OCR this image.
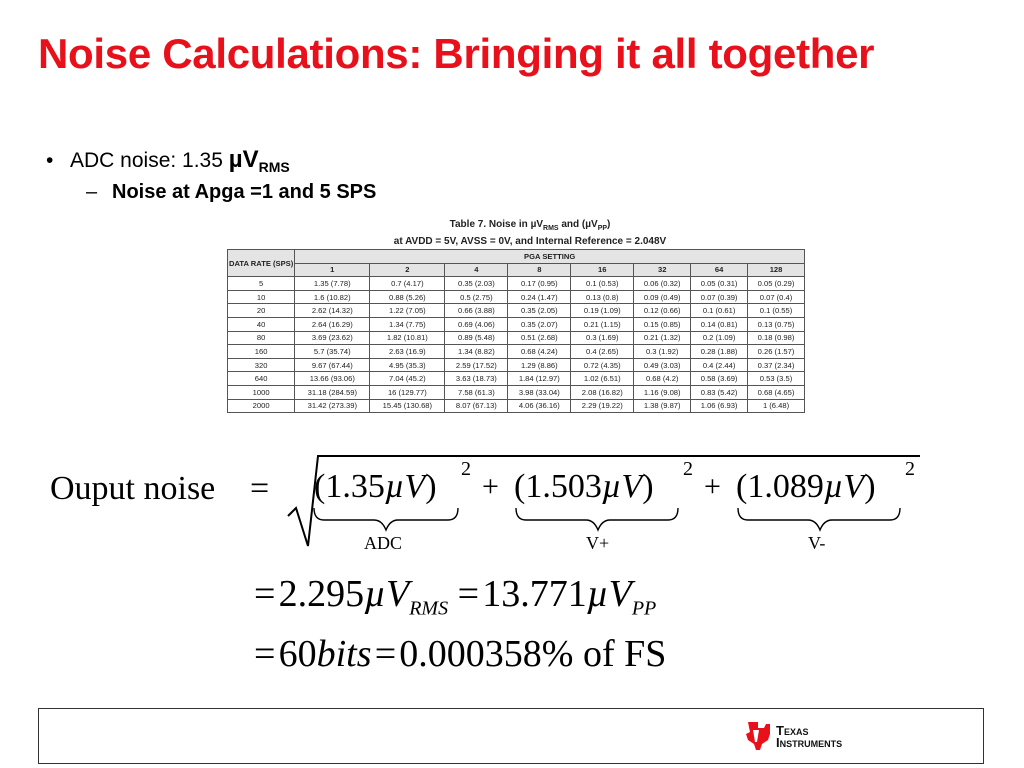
Noise Calculations: Bringing it all together
• ADC noise: 1.35 µV$_{RMS}$
– Noise at Apga =1 and 5 SPS
Table 7. Noise in µV$_{RMS}$ and (µV$_{PP}$)
at AVDD = 5V, AVSS = 0V, and Internal Reference = 2.048V
DATA RATE (SPS)	PGA SETTING							
	1	2	4	8	16	32	64	128
5	1.35 (7.78)	0.7 (4.17)	0.35 (2.03)	0.17 (0.95)	0.1 (0.53)	0.06 (0.32)	0.05 (0.31)	0.05 (0.29)
10	1.6 (10.82)	0.88 (5.26)	0.5 (2.75)	0.24 (1.47)	0.13 (0.8)	0.09 (0.49)	0.07 (0.39)	0.07 (0.4)
20	2.62 (14.32)	1.22 (7.05)	0.66 (3.88)	0.35 (2.05)	0.19 (1.09)	0.12 (0.66)	0.1 (0.61)	0.1 (0.55)
40	2.64 (16.29)	1.34 (7.75)	0.69 (4.06)	0.35 (2.07)	0.21 (1.15)	0.15 (0.85)	0.14 (0.81)	0.13 (0.75)
80	3.69 (23.62)	1.82 (10.81)	0.89 (5.48)	0.51 (2.68)	0.3 (1.69)	0.21 (1.32)	0.2 (1.09)	0.18 (0.98)
160	5.7 (35.74)	2.63 (16.9)	1.34 (8.82)	0.68 (4.24)	0.4 (2.65)	0.3 (1.92)	0.28 (1.88)	0.26 (1.57)
320	9.67 (67.44)	4.95 (35.3)	2.59 (17.52)	1.29 (8.86)	0.72 (4.35)	0.49 (3.03)	0.4 (2.44)	0.37 (2.34)
640	13.66 (93.06)	7.04 (45.2)	3.63 (18.73)	1.84 (12.97)	1.02 (6.51)	0.68 (4.2)	0.58 (3.69)	0.53 (3.5)
1000	31.18 (284.59)	16 (129.77)	7.58 (61.3)	3.98 (33.04)	2.08 (16.82)	1.16 (9.08)	0.83 (5.42)	0.68 (4.65)
2000	31.42 (273.39)	15.45 (130.68)	8.07 (67.13)	4.06 (36.16)	2.29 (19.22)	1.38 (9.87)	1.06 (6.93)	1 (6.48)
Ouput noise = (1.35µV) 2
+ (1.503µV) 2
+ (1.089µV) 2
ADC	V+	V-
= 2.295µV$_{RMS}$ = 13.771µV$_{PP}$
= 60bits = 0.000358% of FS
Texas
Instruments
